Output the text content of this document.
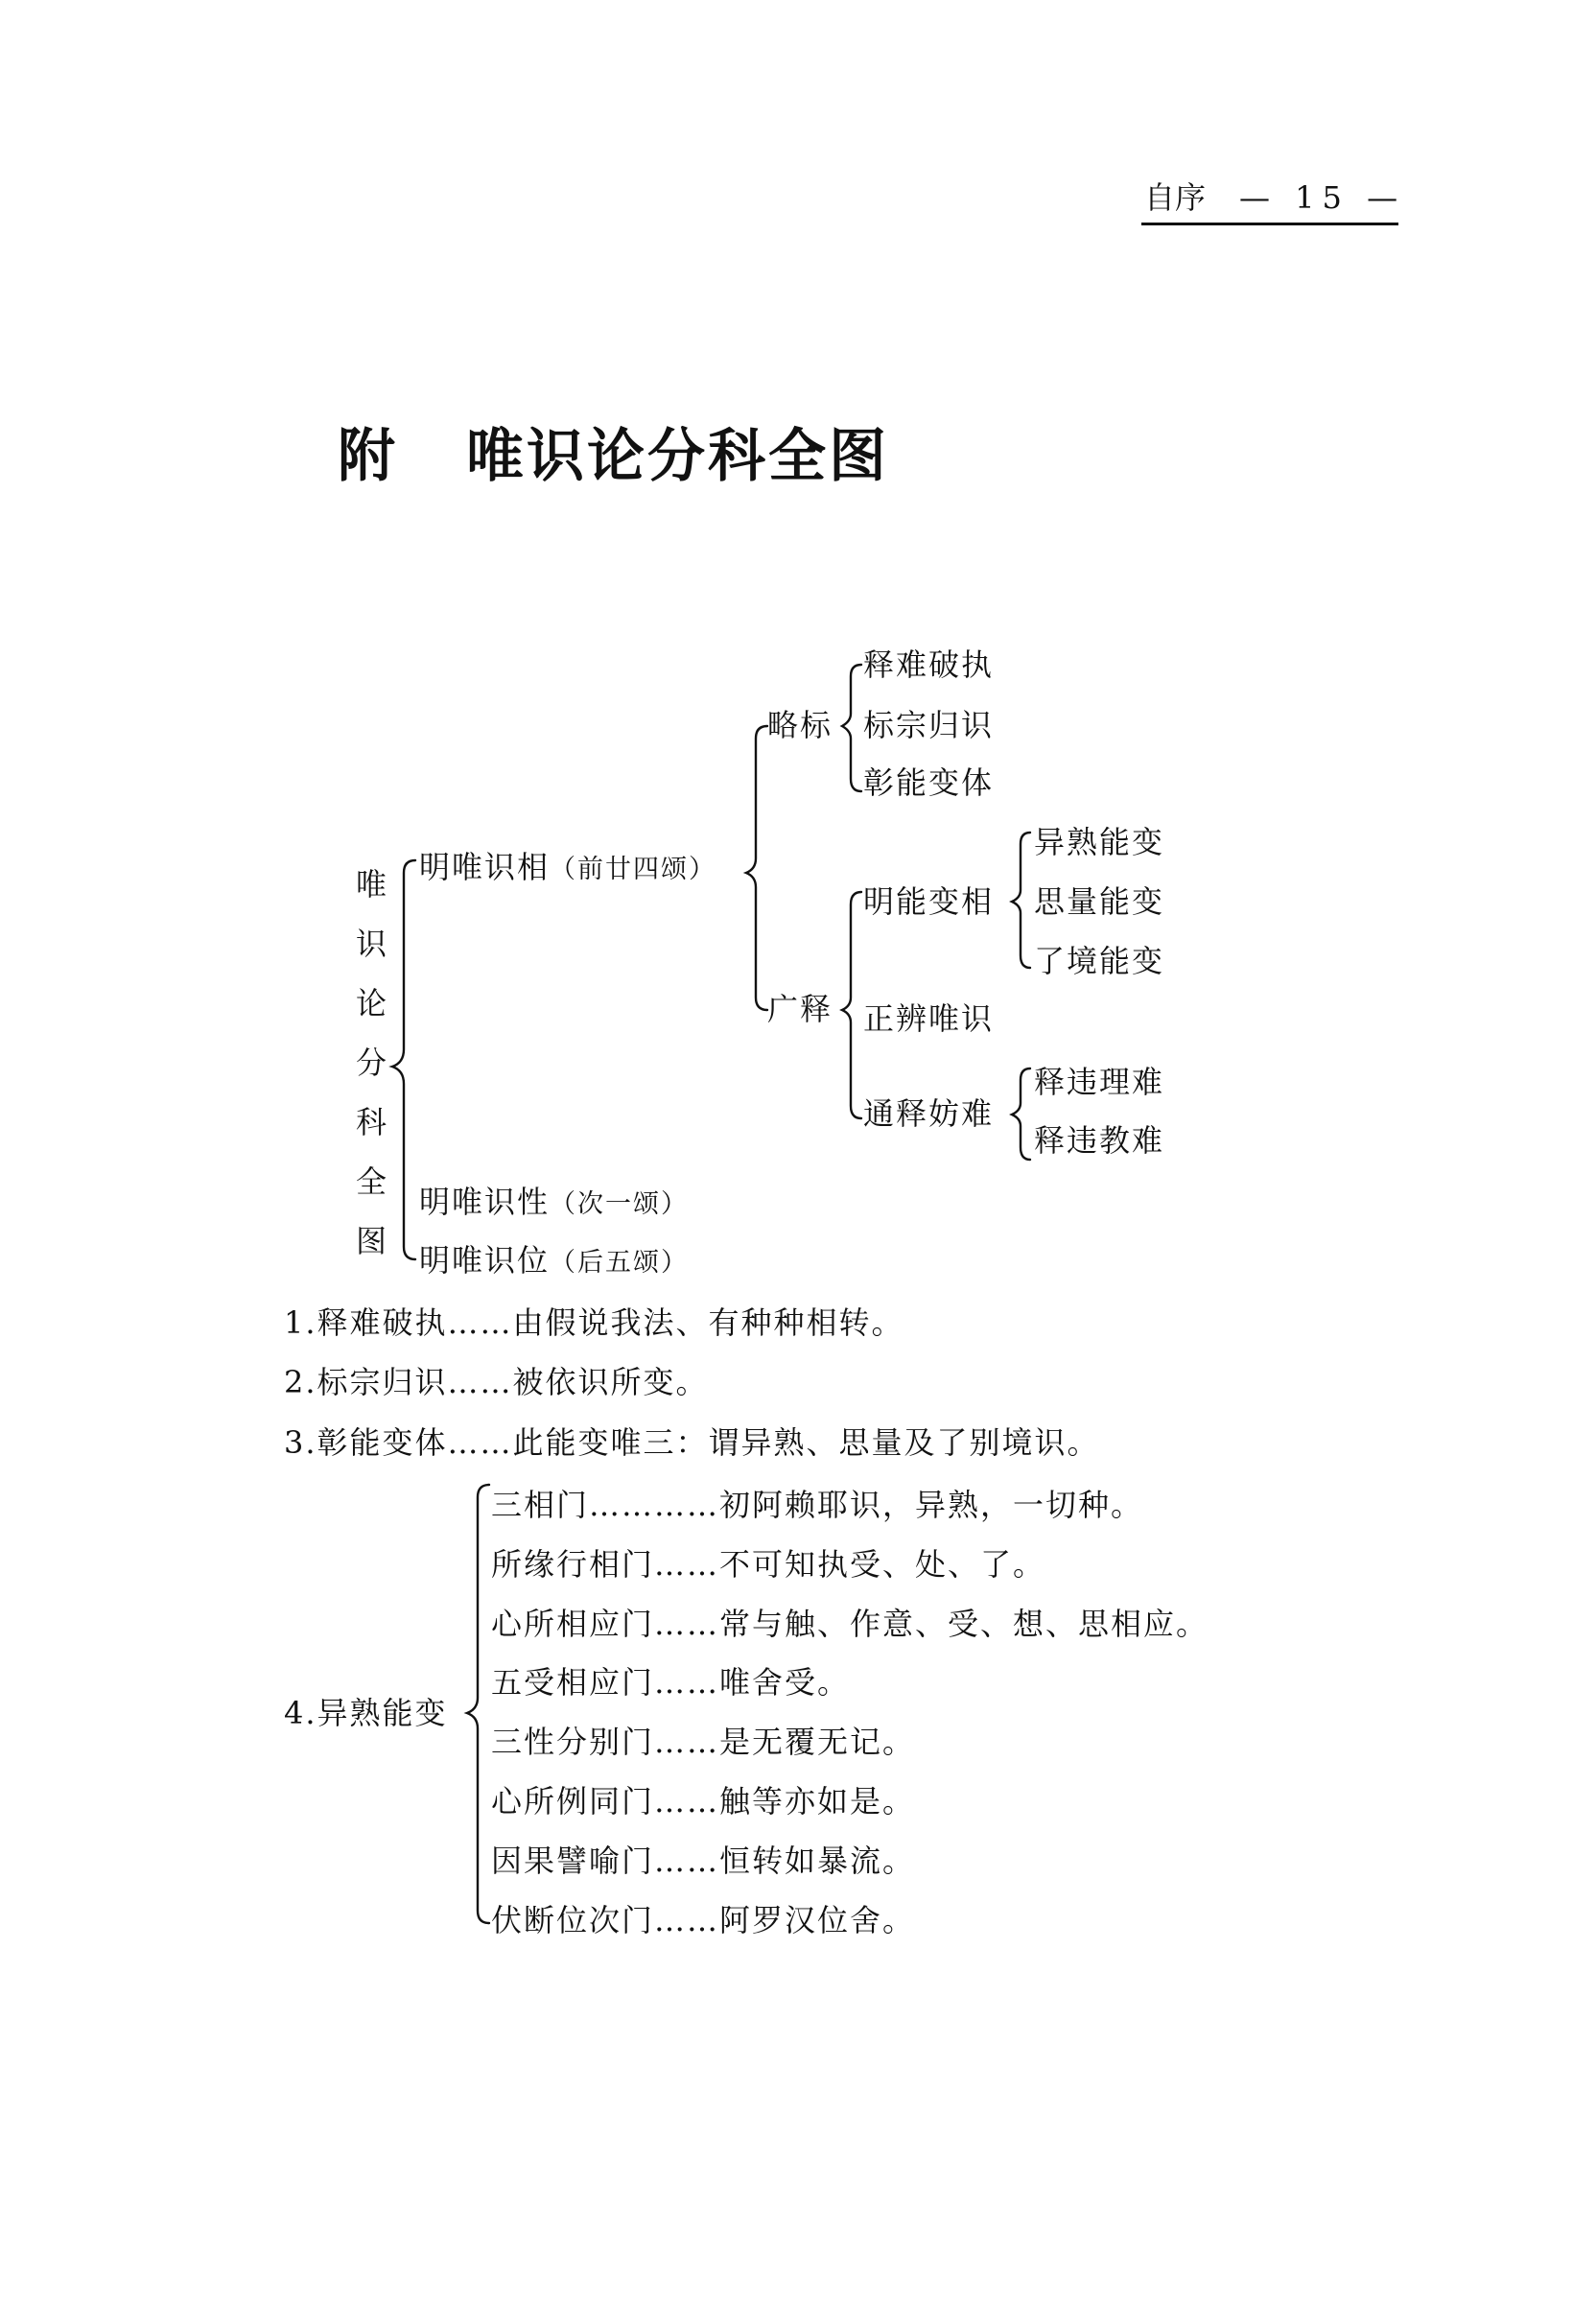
自序 — 15 —
附 唯识论分科全图
唯
识
论
分
科
全
图
明唯识相（前廿四颂）
明唯识性（次一颂）
明唯识位（后五颂）
略标
广释
释难破执
标宗归识
彰能变体
明能变相
正辨唯识
通释妨难
异熟能变
思量能变
了境能变
释违理难
释违教难
1.释难破执……由假说我法、有种种相转。
2.标宗归识……被依识所变。
3.彰能变体……此能变唯三：谓异熟、思量及了别境识。
4.异熟能变
三相门…………初阿赖耶识，异熟，一切种。
所缘行相门……不可知执受、处、了。
心所相应门……常与触、作意、受、想、思相应。
五受相应门……唯舍受。
三性分别门……是无覆无记。
心所例同门……触等亦如是。
因果譬喻门……恒转如暴流。
伏断位次门……阿罗汉位舍。
